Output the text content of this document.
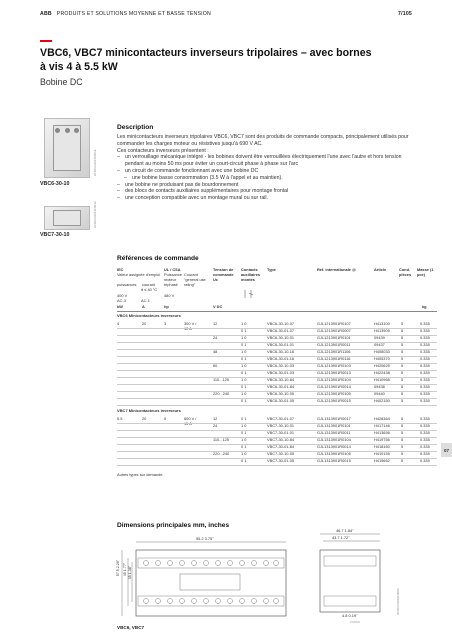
ABB PRODUITS ET SOLUTIONS MOYENNE ET BASSE TENSION	7/105
VBC6, VBC7 minicontacteurs inverseurs tripolaires – avec bornes à vis 4 à 5.5 kW
Bobine DC
2CDC231011F0012
VBC6-30-10
Description

Les minicontacteurs inverseurs tripolaires VBC6, VBC7 sont des produits de commande compacts, principalement utilisés pour commander les charges moteur ou résistives jusqu'à 690 V AC.

Ces contacteurs inverseurs présentent :

– un verrouillage mécanique intégré - les bobines doivent être verrouillées électriquement l'une avec l'autre et hors tension pendant au moins 50 ms pour éviter un court-circuit phase à phase sur l'arc

– un circuit de commande fonctionnant avec une bobine DC

– une bobine basse consommation (3.5 W à l'appel et au maintien).

– une bobine ne produisant pas de bourdonnement

– des blocs de contacts auxiliaires supplémentaires pour montage frontal

– une conception compatible avec un montage mural ou sur rail.

2CDC231012F0012
VBC7-30-10
Références de commande
IEC
Valeur assignée d'emploi
puissances courant
θ ≤ 40 °C
400 V
AC-3	AC-1
UL / CSA
Puissance moteur
triphasé
480 V
Courant "general use rating"
Tension de commande Uc
Contacts auxiliaires montés
Type	Réf. internationale @	Article	Cond. pièces
Masse (1 pce)
kW	A	hp	V DC	kg
VBC6 Minicontacteurs inverseurs
4	20	3	300 V / 12 A
12	1 0	VBC6-30-10-07	GJL1213901R0107	H413100	5	0.335
0 1	VBC6-30-01-07	GJL1213901R0007	H413909	5	0.335
24	1 0	VBC6-30-10-01	GJL1213901R0101	09439	5	0.335
0 1	VBC6-30-01-01	GJL1213901R0011	09437	5	0.335
48	1 0	VBC6-30-10-16	GJL1213901R1106	H408033	5	0.335
0 1	VBC6-30-01-16	GJL1213901R0116	H405370	5	0.335
60	1 0	VBC6-30-10-03	GJL1213901R0103	H420625	5	0.335
0 1	VBC6-30-01-03	GJL1213901R0013	H422438	5	0.335
110...125	1 0	VBC6-30-10-84	GJL1213901R0104	H410968	5	0.335
0 1	VBC6-30-01-84	GJL1213901R0014	09438	5	0.335
220...240	1 0	VBC6-30-10-05	GJL1213901R0105	09440	5	0.335
0 1	VBC6-30-01-05	GJL1213901R0015	H402150	5	0.335
VBC7 Minicontacteurs inverseurs
5.5	20	5	600 V / 15 A
12	0 1	VBC7-30-01-07	GJL1313901R0017	H428364	5	0.335
24	1 0	VBC7-30-10-01	GJL1313901R0101	H417146	5	0.335
0 1	VBC7-30-01-01	GJL1313901R0011	H413656	5	0.335
110...125	1 0	VBC7-30-10-84	GJL1313901R0104	H419756	5	0.335
0 1	VBC7-30-01-84	GJL1313901R0014	H418160	5	0.335
220...240	1 0	VBC7-30-10-05	GJL1313901R0105	H410155	5	0.335
0 1	VBC7-30-01-05	GJL1313901R0015	H419662	5	0.335
Autres types sur demande.
07
Dimensions principales mm, inches
95.2 3.75"
46.7 1.84"
43.7 1.72"
57.5 2.26" 45 1.77" 35 1.38"
4.8 0.19"
2CDC231001F0006
VBC6, VBC7
